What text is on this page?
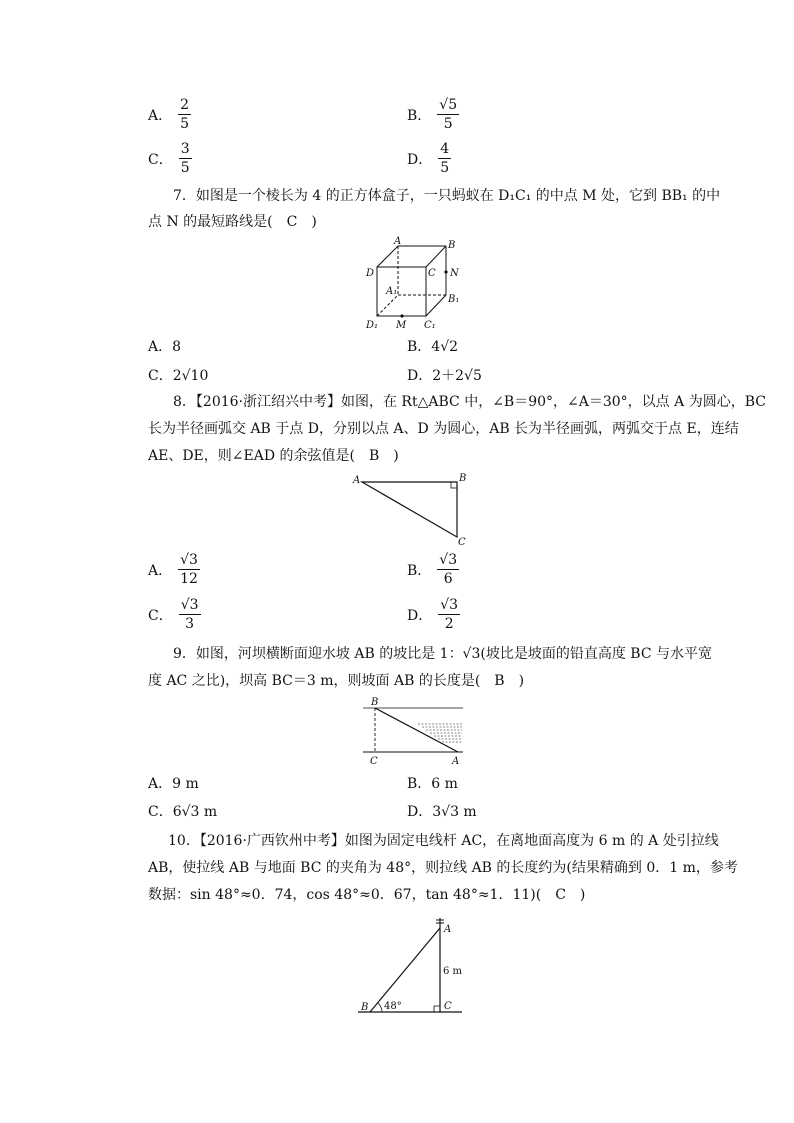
A． $\frac{2}{5}$	B． $\frac{√5}{5}$
C． $\frac{3}{5}$	D． $\frac{4}{5}$
7．如图是一个棱长为 4 的正方体盒子，一只蚂蚁在 D₁C₁ 的中点 M 处，它到 BB₁ 的中
点 N 的最短路线是(　C　)
A	B
C
D	N
A₁
B₁
C₁
D₁ M
A．8	B．4√2
C．2√10	D．2＋2√5
8．【2016·浙江绍兴中考】如图，在 Rt△ABC 中，∠B＝90°，∠A＝30°，以点 A 为圆心，BC
长为半径画弧交 AB 于点 D，分别以点 A、D 为圆心，AB 长为半径画弧，两弧交于点 E，连结
AE、DE，则∠EAD 的余弦值是(　B　)
A	B
C
A． $\frac{√3}{12}$	B． $\frac{√3}{6}$
C． $\frac{√3}{3}$	D． $\frac{√3}{2}$
9．如图，河坝横断面迎水坡 AB 的坡比是 1：√3(坡比是坡面的铅直高度 BC 与水平宽
度 AC 之比)，坝高 BC＝3 m，则坡面 AB 的长度是(　B　)
B
C	A
A．9 m	B．6 m
C．6√3 m	D．3√3 m
10．【2016·广西钦州中考】如图为固定电线杆 AC，在离地面高度为 6 m 的 A 处引拉线
AB，使拉线 AB 与地面 BC 的夹角为 48°，则拉线 AB 的长度约为(结果精确到 0．1 m，参考
数据：sin 48°≈0．74，cos 48°≈0．67，tan 48°≈1．11)(　C　)
A
B	C
6 m
48°
